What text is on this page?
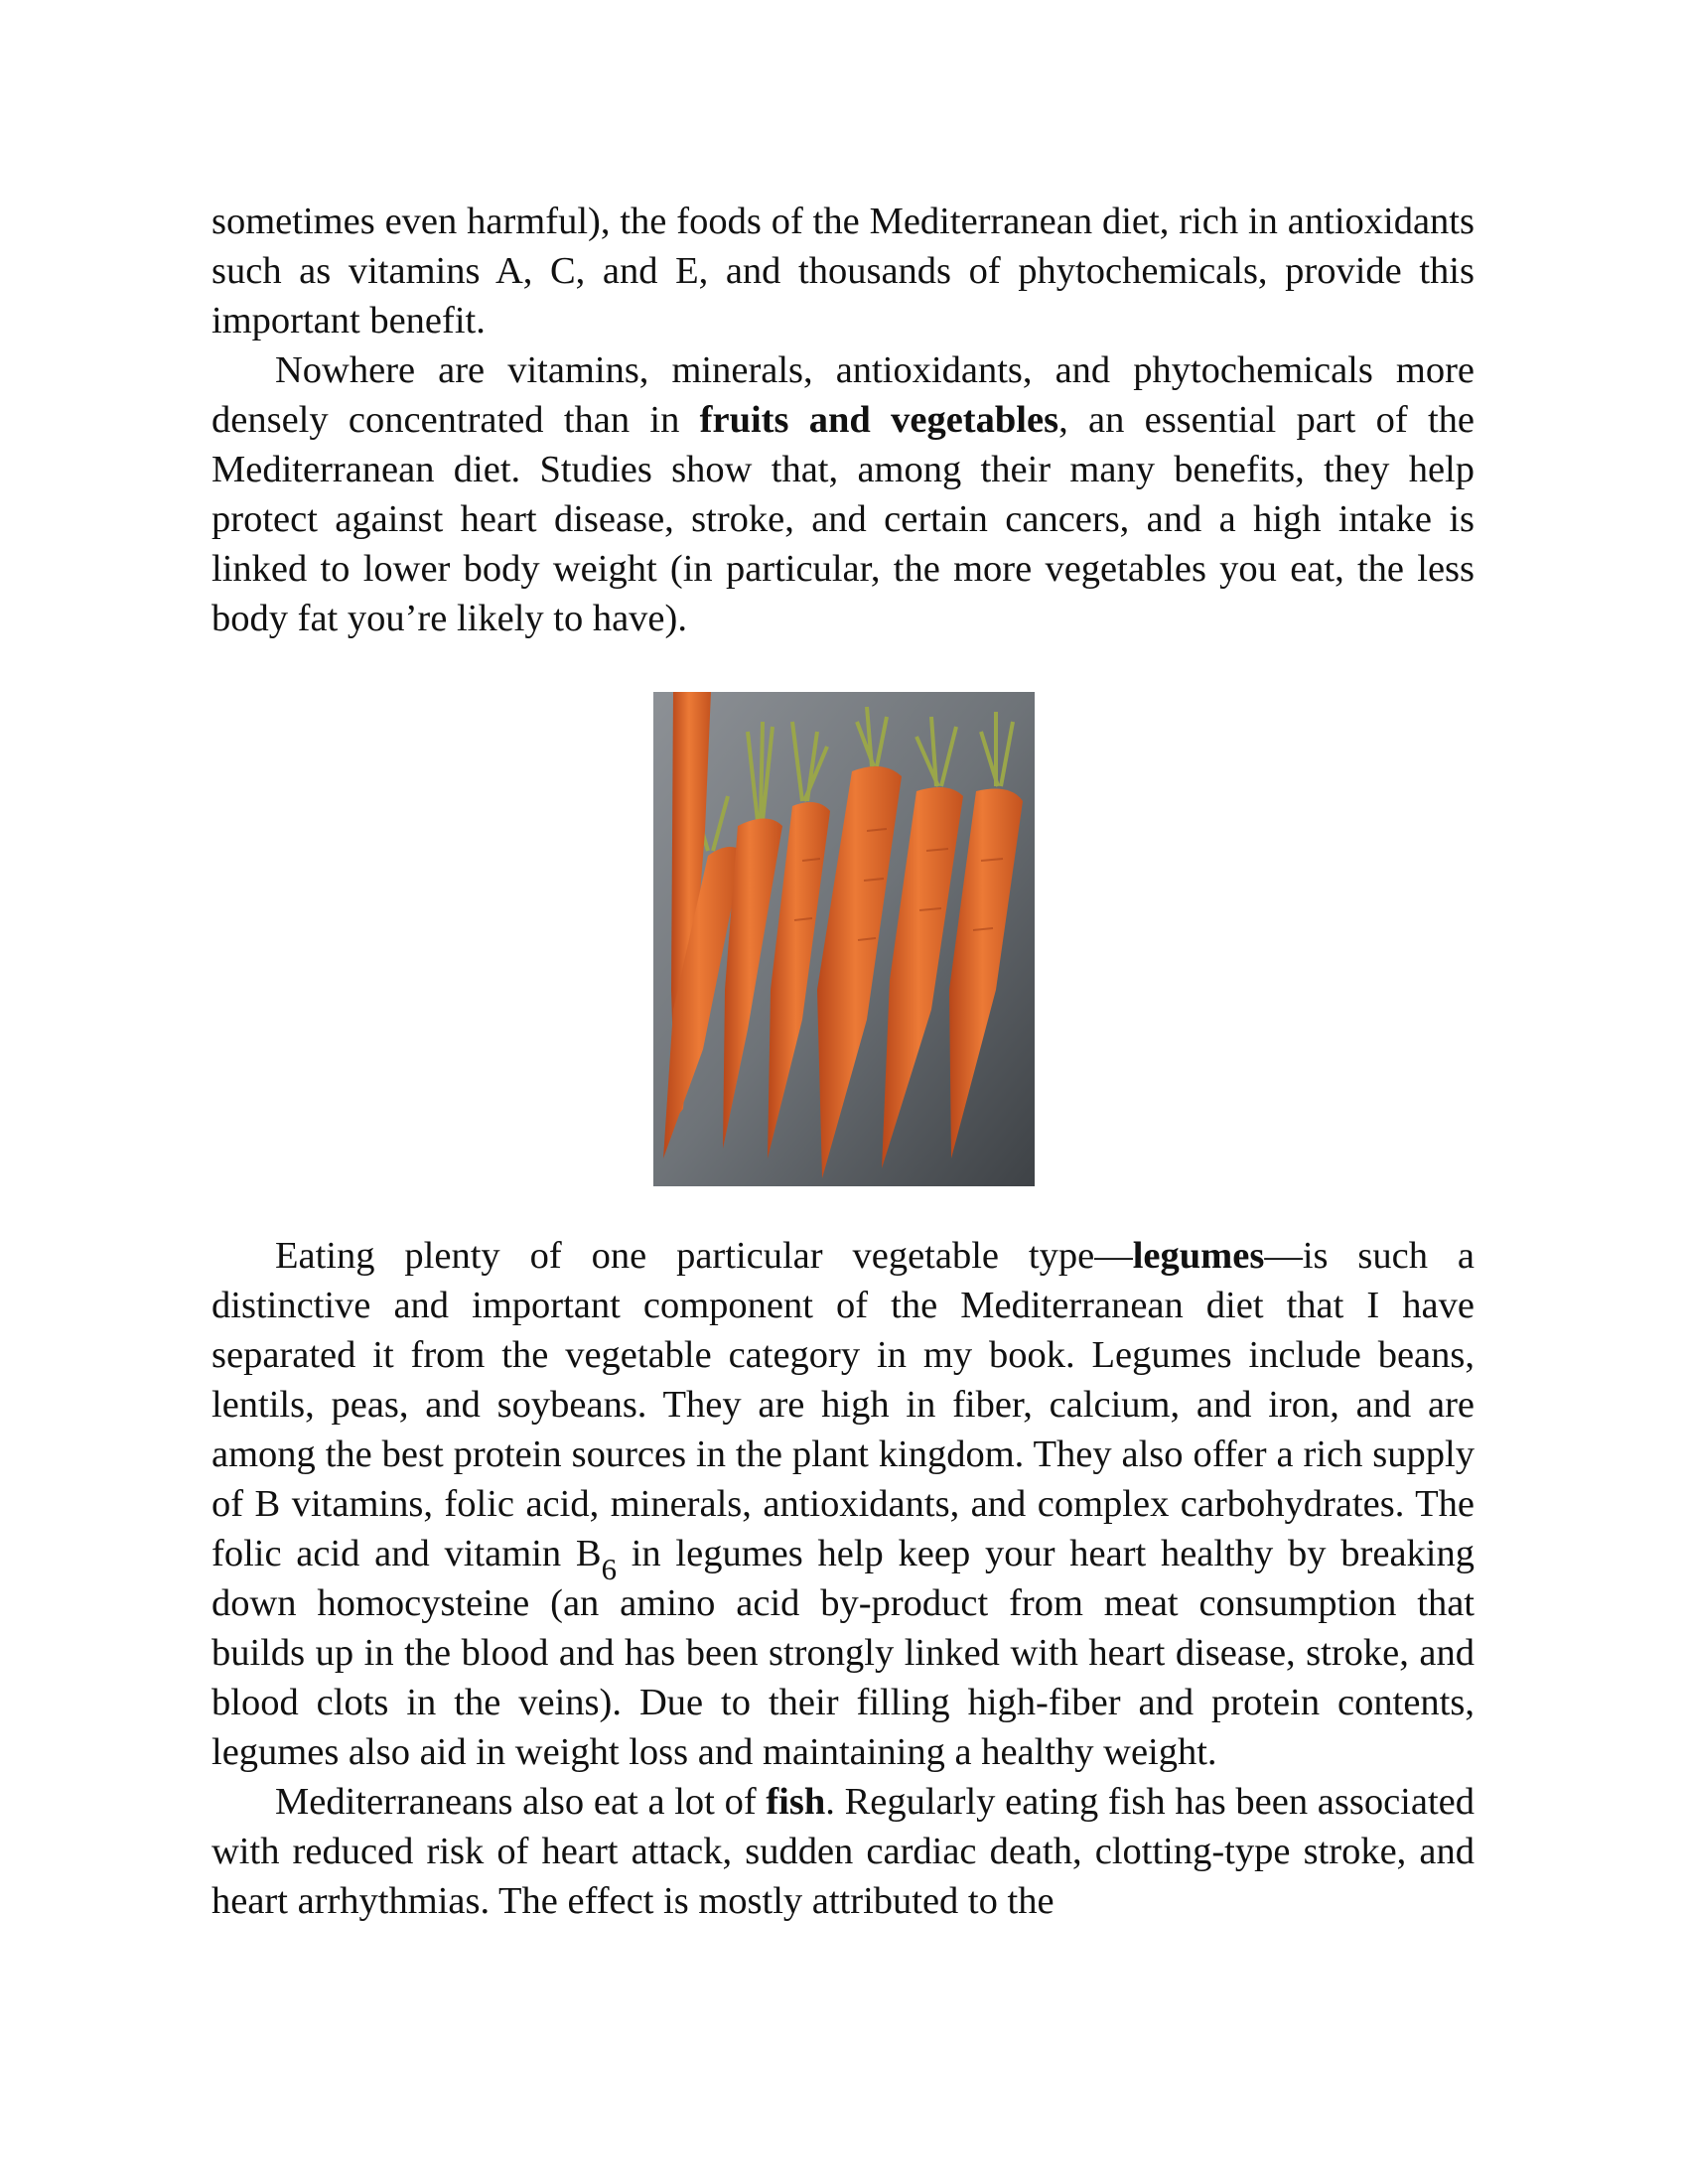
sometimes even harmful), the foods of the Mediterranean diet, rich in antioxidants such as vitamins A, C, and E, and thousands of phytochemicals, provide this important benefit.

Nowhere are vitamins, minerals, antioxidants, and phytochemicals more densely concentrated than in fruits and vegetables, an essential part of the Mediterranean diet. Studies show that, among their many benefits, they help protect against heart disease, stroke, and certain cancers, and a high intake is linked to lower body weight (in particular, the more vegetables you eat, the less body fat you’re likely to have).

Eating plenty of one particular vegetable type—legumes—is such a distinctive and important component of the Mediterranean diet that I have separated it from the vegetable category in my book. Legumes include beans, lentils, peas, and soybeans. They are high in fiber, calcium, and iron, and are among the best protein sources in the plant kingdom. They also offer a rich supply of B vitamins, folic acid, minerals, antioxidants, and complex carbohydrates. The folic acid and vitamin $B_6$ in legumes help keep your heart healthy by breaking down homocysteine (an amino acid by-product from meat consumption that builds up in the blood and has been strongly linked with heart disease, stroke, and blood clots in the veins). Due to their filling high-fiber and protein contents, legumes also aid in weight loss and maintaining a healthy weight.

Mediterraneans also eat a lot of fish. Regularly eating fish has been associated with reduced risk of heart attack, sudden cardiac death, clotting-type stroke, and heart arrhythmias. The effect is mostly attributed to the
